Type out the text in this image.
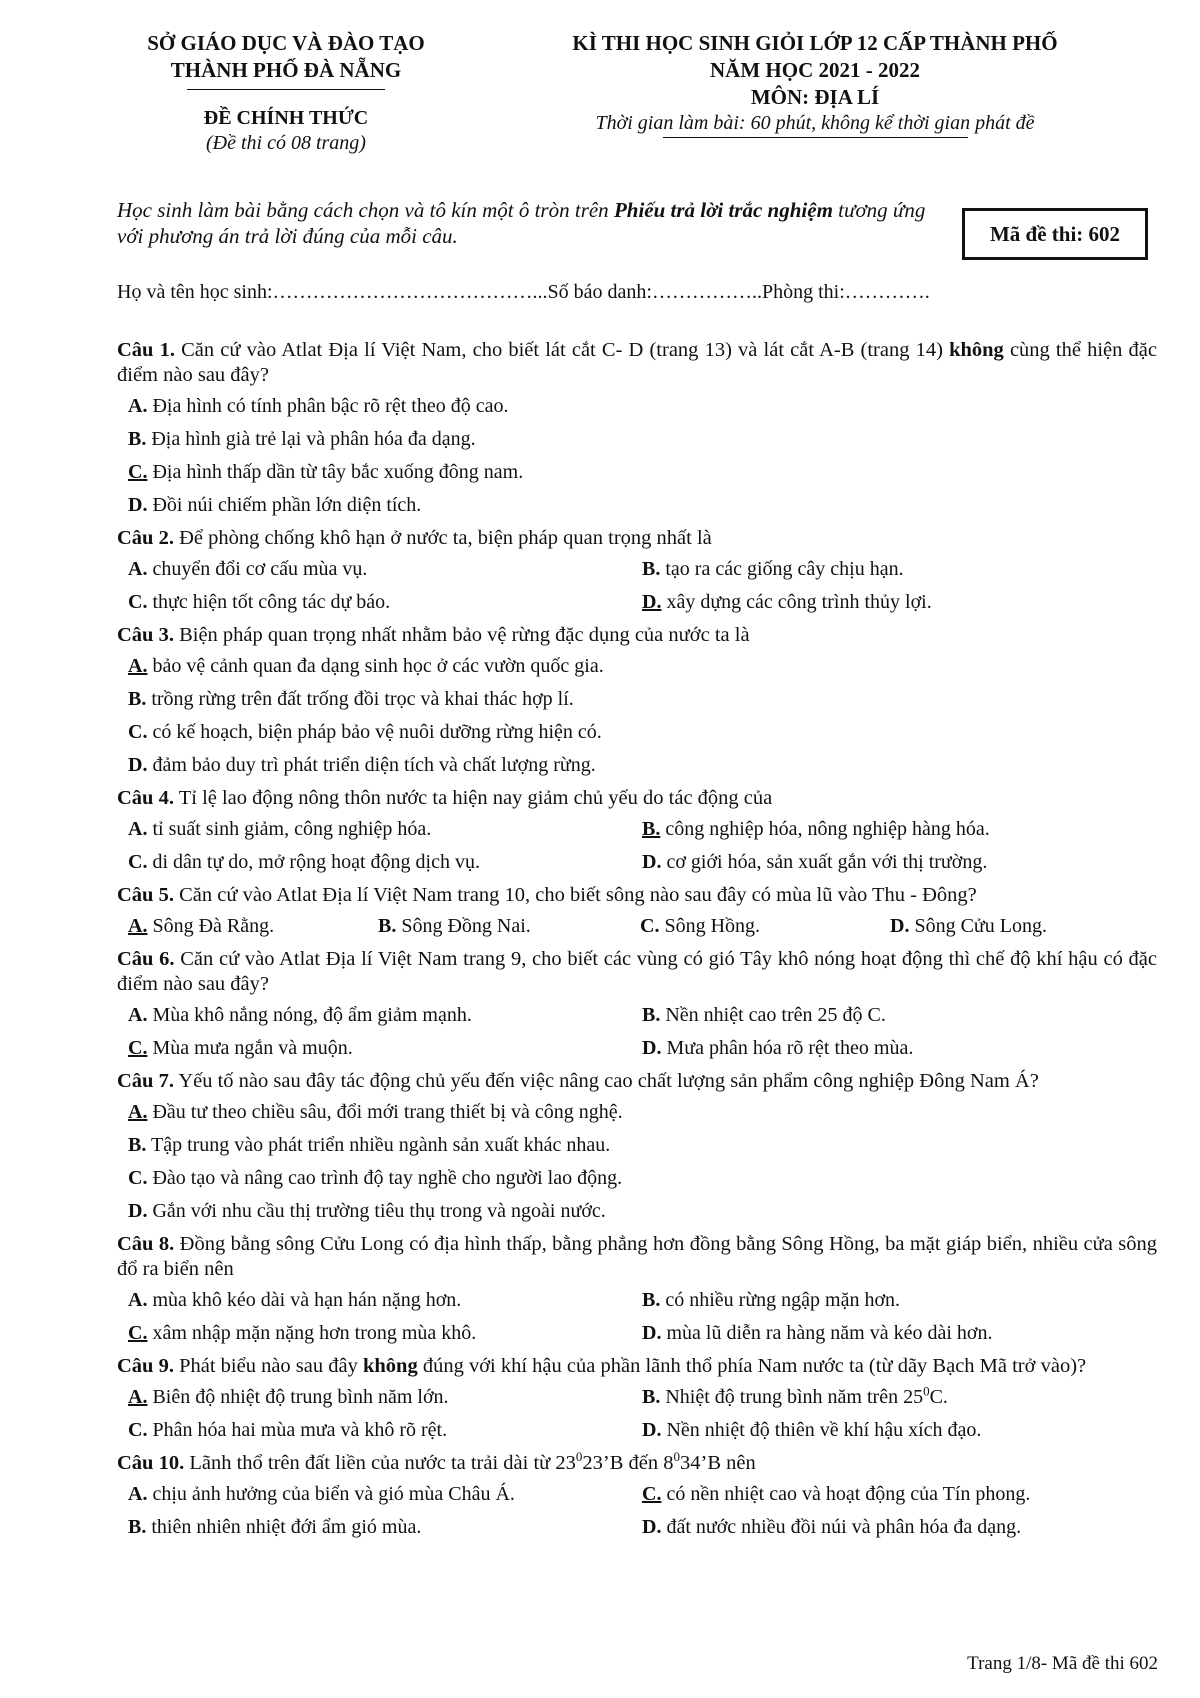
SỞ GIÁO DỤC VÀ ĐÀO TẠO
THÀNH PHỐ ĐÀ NẴNG
ĐỀ CHÍNH THỨC
(Đề thi có 08 trang)
KÌ THI HỌC SINH GIỎI LỚP 12 CẤP THÀNH PHỐ
NĂM HỌC 2021 - 2022
MÔN: ĐỊA LÍ
Thời gian làm bài: 60 phút, không kể thời gian phát đề
Học sinh làm bài bằng cách chọn và tô kín một ô tròn trên Phiếu trả lời trắc nghiệm tương ứng với phương án trả lời đúng của mỗi câu.	Mã đề thi: 602
Họ và tên học sinh:…………………………………...Số báo danh:……………..Phòng thi:………….
Câu 1. Căn cứ vào Atlat Địa lí Việt Nam, cho biết lát cắt C- D (trang 13) và lát cắt A-B (trang 14) không cùng thể hiện đặc điểm nào sau đây?
A. Địa hình có tính phân bậc rõ rệt theo độ cao.
B. Địa hình già trẻ lại và phân hóa đa dạng.
C. Địa hình thấp dần từ tây bắc xuống đông nam.
D. Đồi núi chiếm phần lớn diện tích.
Câu 2. Để phòng chống khô hạn ở nước ta, biện pháp quan trọng nhất là
A. chuyển đổi cơ cấu mùa vụ.	B. tạo ra các giống cây chịu hạn.
C. thực hiện tốt công tác dự báo.	D. xây dựng các công trình thủy lợi.
Câu 3. Biện pháp quan trọng nhất nhằm bảo vệ rừng đặc dụng của nước ta là
A. bảo vệ cảnh quan đa dạng sinh học ở các vườn quốc gia.
B. trồng rừng trên đất trống đồi trọc và khai thác hợp lí.
C. có kế hoạch, biện pháp bảo vệ nuôi dưỡng rừng hiện có.
D. đảm bảo duy trì phát triển diện tích và chất lượng rừng.
Câu 4. Tỉ lệ lao động nông thôn nước ta hiện nay giảm chủ yếu do tác động của
A. tỉ suất sinh giảm, công nghiệp hóa.	B. công nghiệp hóa, nông nghiệp hàng hóa.
C. di dân tự do, mở rộng hoạt động dịch vụ.	D. cơ giới hóa, sản xuất gắn với thị trường.
Câu 5. Căn cứ vào Atlat Địa lí Việt Nam trang 10, cho biết sông nào sau đây có mùa lũ vào Thu - Đông?
A. Sông Đà Rằng.	B. Sông Đồng Nai.	C. Sông Hồng.	D. Sông Cửu Long.
Câu 6. Căn cứ vào Atlat Địa lí Việt Nam trang 9, cho biết các vùng có gió Tây khô nóng hoạt động thì chế độ khí hậu có đặc điểm nào sau đây?
A. Mùa khô nắng nóng, độ ẩm giảm mạnh.	B. Nền nhiệt cao trên 25 độ C.
C. Mùa mưa ngắn và muộn.	D. Mưa phân hóa rõ rệt theo mùa.
Câu 7. Yếu tố nào sau đây tác động chủ yếu đến việc nâng cao chất lượng sản phẩm công nghiệp Đông Nam Á?
A. Đầu tư theo chiều sâu, đổi mới trang thiết bị và công nghệ.
B. Tập trung vào phát triển nhiều ngành sản xuất khác nhau.
C. Đào tạo và nâng cao trình độ tay nghề cho người lao động.
D. Gắn với nhu cầu thị trường tiêu thụ trong và ngoài nước.
Câu 8. Đồng bằng sông Cửu Long có địa hình thấp, bằng phẳng hơn đồng bằng Sông Hồng, ba mặt giáp biển, nhiều cửa sông đổ ra biển nên
A. mùa khô kéo dài và hạn hán nặng hơn.	B. có nhiều rừng ngập mặn hơn.
C. xâm nhập mặn nặng hơn trong mùa khô.	D. mùa lũ diễn ra hàng năm và kéo dài hơn.
Câu 9. Phát biểu nào sau đây không đúng với khí hậu của phần lãnh thổ phía Nam nước ta (từ dãy Bạch Mã trở vào)?
A. Biên độ nhiệt độ trung bình năm lớn.	B. Nhiệt độ trung bình năm trên $25^0C$.
C. Phân hóa hai mùa mưa và khô rõ rệt.	D. Nền nhiệt độ thiên về khí hậu xích đạo.
Câu 10. Lãnh thổ trên đất liền của nước ta trải dài từ $23^023’B$ đến $8^034’B$ nên
A. chịu ảnh hưởng của biển và gió mùa Châu Á.	C. có nền nhiệt cao và hoạt động của Tín phong.
B. thiên nhiên nhiệt đới ẩm gió mùa.	D. đất nước nhiều đồi núi và phân hóa đa dạng.
Trang 1/8- Mã đề thi 602
